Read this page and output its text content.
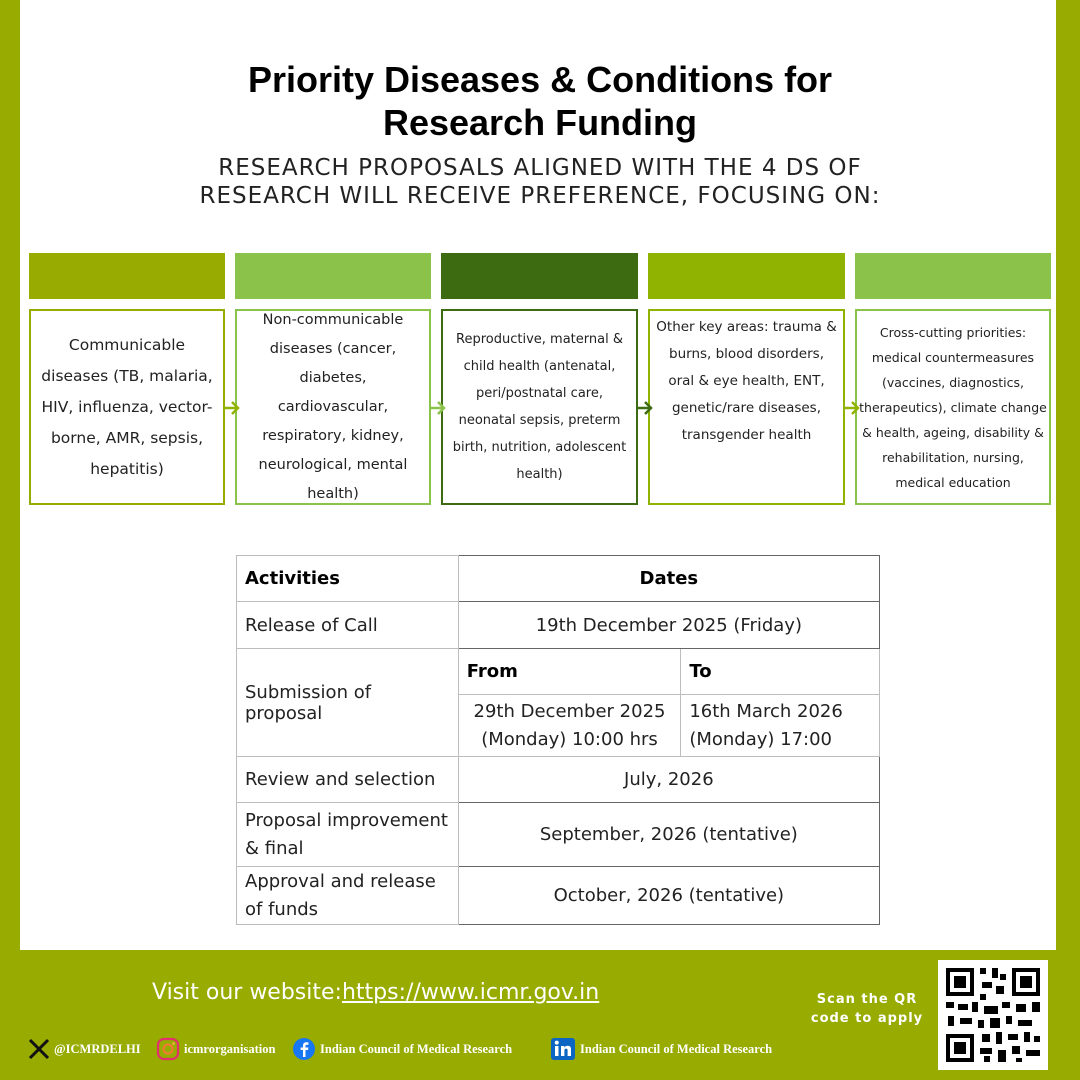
Priority Diseases & Conditions for
Research Funding
RESEARCH PROPOSALS ALIGNED WITH THE 4 DS OF
RESEARCH WILL RECEIVE PREFERENCE, FOCUSING ON:
Communicable diseases (TB, malaria, HIV, influenza, vector-borne, AMR, sepsis, hepatitis)
Non-communicable diseases (cancer, diabetes, cardiovascular, respiratory, kidney, neurological, mental health)
Reproductive, maternal & child health (antenatal, peri/postnatal care, neonatal sepsis, preterm birth, nutrition, adolescent health)
Other key areas: trauma & burns, blood disorders, oral & eye health, ENT, genetic/rare diseases, transgender health
Cross-cutting priorities: medical countermeasures (vaccines, diagnostics, therapeutics), climate change & health, ageing, disability & rehabilitation, nursing, medical education
Activities	Dates	
Release of Call	19th December 2025 (Friday)	
Submission of proposal	From	To
	29th December 2025 (Monday) 10:00 hrs	16th March 2026 (Monday) 17:00
Review and selection	July, 2026	
Proposal improvement & final	September, 2026 (tentative)	
Approval and release of funds	October, 2026 (tentative)	
Visit our website:https://www.icmr.gov.in	Scan the QR code to apply
@ICMRDELHI	icmrorganisation	Indian Council of Medical Research	Indian Council of Medical Research
